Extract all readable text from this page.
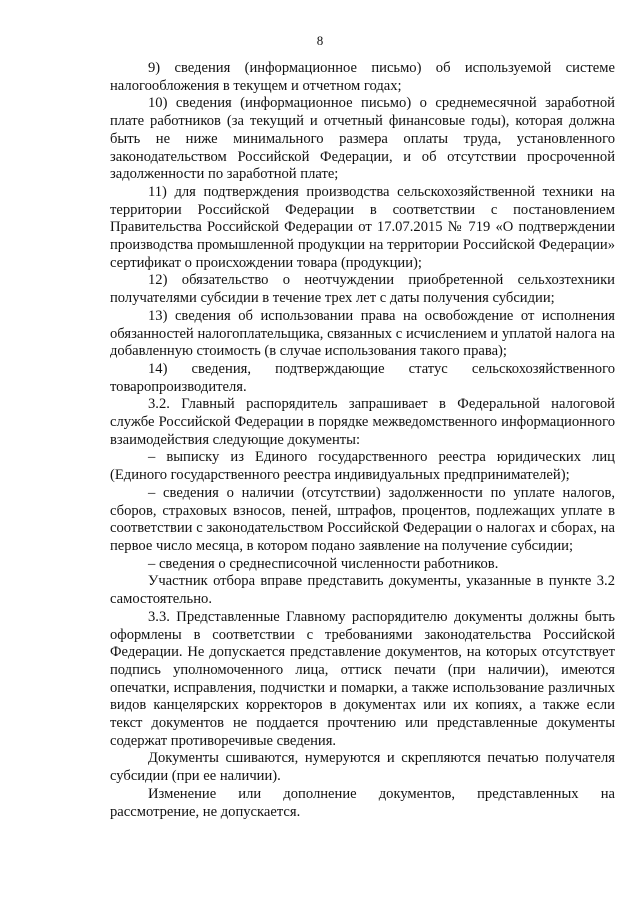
8

9) сведения (информационное письмо) об используемой системе налогообложения в текущем и отчетном годах;

10) сведения (информационное письмо) о среднемесячной заработной плате работников (за текущий и отчетный финансовые годы), которая должна быть не ниже минимального размера оплаты труда, установленного законодательством Российской Федерации, и об отсутствии просроченной задолженности по заработной плате;

11) для подтверждения производства сельскохозяйственной техники на территории Российской Федерации в соответствии с постановлением Правительства Российской Федерации от 17.07.2015 № 719 «О подтверждении производства промышленной продукции на территории Российской Федерации» сертификат о происхождении товара (продукции);

12) обязательство о неотчуждении приобретенной сельхозтехники получателями субсидии в течение трех лет с даты получения субсидии;

13) сведения об использовании права на освобождение от исполнения обязанностей налогоплательщика, связанных с исчислением и уплатой налога на добавленную стоимость (в случае использования такого права);

14) сведения, подтверждающие статус сельскохозяйственного товаропроизводителя.

3.2. Главный распорядитель запрашивает в Федеральной налоговой службе Российской Федерации в порядке межведомственного информационного взаимодействия следующие документы:

– выписку из Единого государственного реестра юридических лиц (Единого государственного реестра индивидуальных предпринимателей);

– сведения о наличии (отсутствии) задолженности по уплате налогов, сборов, страховых взносов, пеней, штрафов, процентов, подлежащих уплате в соответствии с законодательством Российской Федерации о налогах и сборах, на первое число месяца, в котором подано заявление на получение субсидии;

– сведения о среднесписочной численности работников.

Участник отбора вправе представить документы, указанные в пункте 3.2 самостоятельно.

3.3. Представленные Главному распорядителю документы должны быть оформлены в соответствии с требованиями законодательства Российской Федерации. Не допускается представление документов, на которых отсутствует подпись уполномоченного лица, оттиск печати (при наличии), имеются опечатки, исправления, подчистки и помарки, а также использование различных видов канцелярских корректоров в документах или их копиях, а также если текст документов не поддается прочтению или представленные документы содержат противоречивые сведения.

Документы сшиваются, нумеруются и скрепляются печатью получателя субсидии (при ее наличии).

Изменение или дополнение документов, представленных на рассмотрение, не допускается.
